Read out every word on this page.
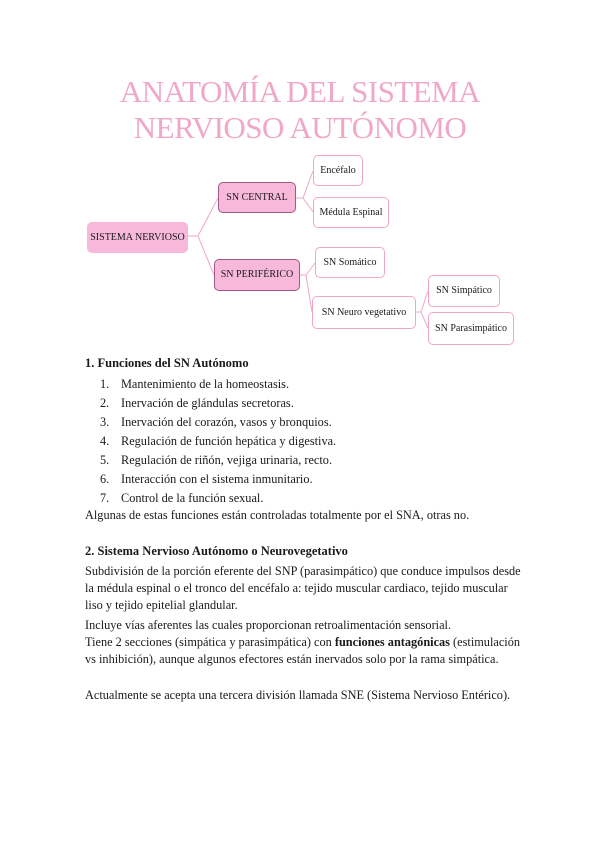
ANATOMÍA DEL SISTEMA
NERVIOSO AUTÓNOMO
SISTEMA NERVIOSO
SN CENTRAL
SN PERIFÉRICO
Encéfalo
Médula Espinal
SN Somático
SN Neuro vegetativo
SN Simpático
SN Parasimpático
1. Funciones del SN Autónomo
1. Mantenimiento de la homeostasis.
2. Inervación de glándulas secretoras.
3. Inervación del corazón, vasos y bronquios.
4. Regulación de función hepática y digestiva.
5. Regulación de riñón, vejiga urinaria, recto.
6. Interacción con el sistema inmunitario.
7. Control de la función sexual.

Algunas de estas funciones están controladas totalmente por el SNA, otras no.

2. Sistema Nervioso Autónomo o Neurovegetativo

Subdivisión de la porción eferente del SNP (parasimpático) que conduce impulsos desde la médula espinal o el tronco del encéfalo a: tejido muscular cardiaco, tejido muscular liso y tejido epitelial glandular.

Incluye vías aferentes las cuales proporcionan retroalimentación sensorial.

Tiene 2 secciones (simpática y parasimpática) con funciones antagónicas (estimulación vs inhibición), aunque algunos efectores están inervados solo por la rama simpática.

Actualmente se acepta una tercera división llamada SNE (Sistema Nervioso Entérico).
